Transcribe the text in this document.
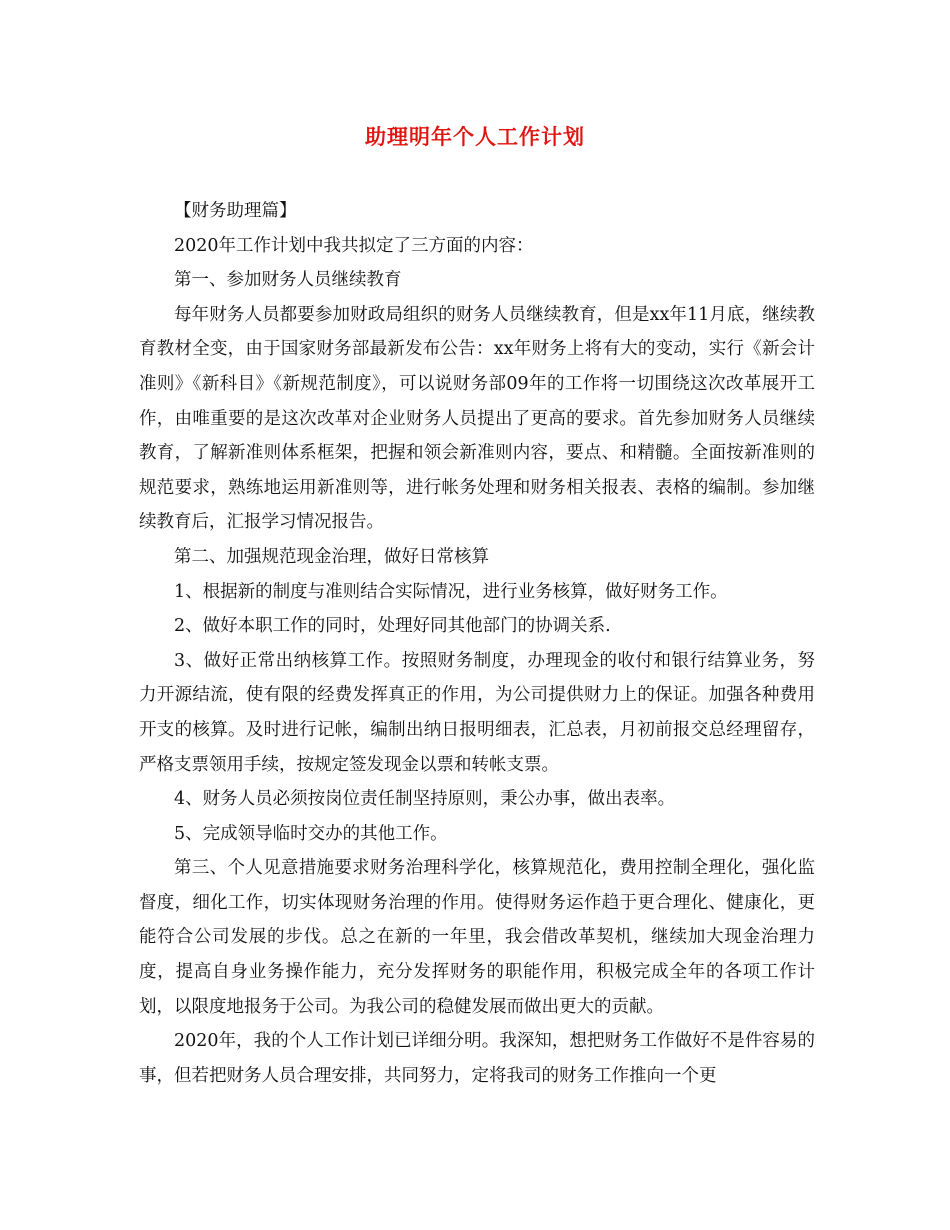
助理明年个人工作计划

【财务助理篇】

2020年工作计划中我共拟定了三方面的内容：

第一、参加财务人员继续教育

每年财务人员都要参加财政局组织的财务人员继续教育，但是xx年11月底，继续教育教材全变，由于国家财务部最新发布公告：xx年财务上将有大的变动，实行《新会计准则》《新科目》《新规范制度》，可以说财务部09年的工作将一切围绕这次改革展开工作，由唯重要的是这次改革对企业财务人员提出了更高的要求。首先参加财务人员继续教育，了解新准则体系框架，把握和领会新准则内容，要点、和精髓。全面按新准则的规范要求，熟练地运用新准则等，进行帐务处理和财务相关报表、表格的编制。参加继续教育后，汇报学习情况报告。

第二、加强规范现金治理，做好日常核算

1、根据新的制度与准则结合实际情况，进行业务核算，做好财务工作。

2、做好本职工作的同时，处理好同其他部门的协调关系.

3、做好正常出纳核算工作。按照财务制度，办理现金的收付和银行结算业务，努力开源结流，使有限的经费发挥真正的作用，为公司提供财力上的保证。加强各种费用开支的核算。及时进行记帐，编制出纳日报明细表，汇总表，月初前报交总经理留存，严格支票领用手续，按规定签发现金以票和转帐支票。

4、财务人员必须按岗位责任制坚持原则，秉公办事，做出表率。

5、完成领导临时交办的其他工作。

第三、个人见意措施要求财务治理科学化，核算规范化，费用控制全理化，强化监督度，细化工作，切实体现财务治理的作用。使得财务运作趋于更合理化、健康化，更能符合公司发展的步伐。总之在新的一年里，我会借改革契机，继续加大现金治理力度，提高自身业务操作能力，充分发挥财务的职能作用，积极完成全年的各项工作计划，以限度地报务于公司。为我公司的稳健发展而做出更大的贡献。

2020年，我的个人工作计划已详细分明。我深知，想把财务工作做好不是件容易的事，但若把财务人员合理安排，共同努力，定将我司的财务工作推向一个更
